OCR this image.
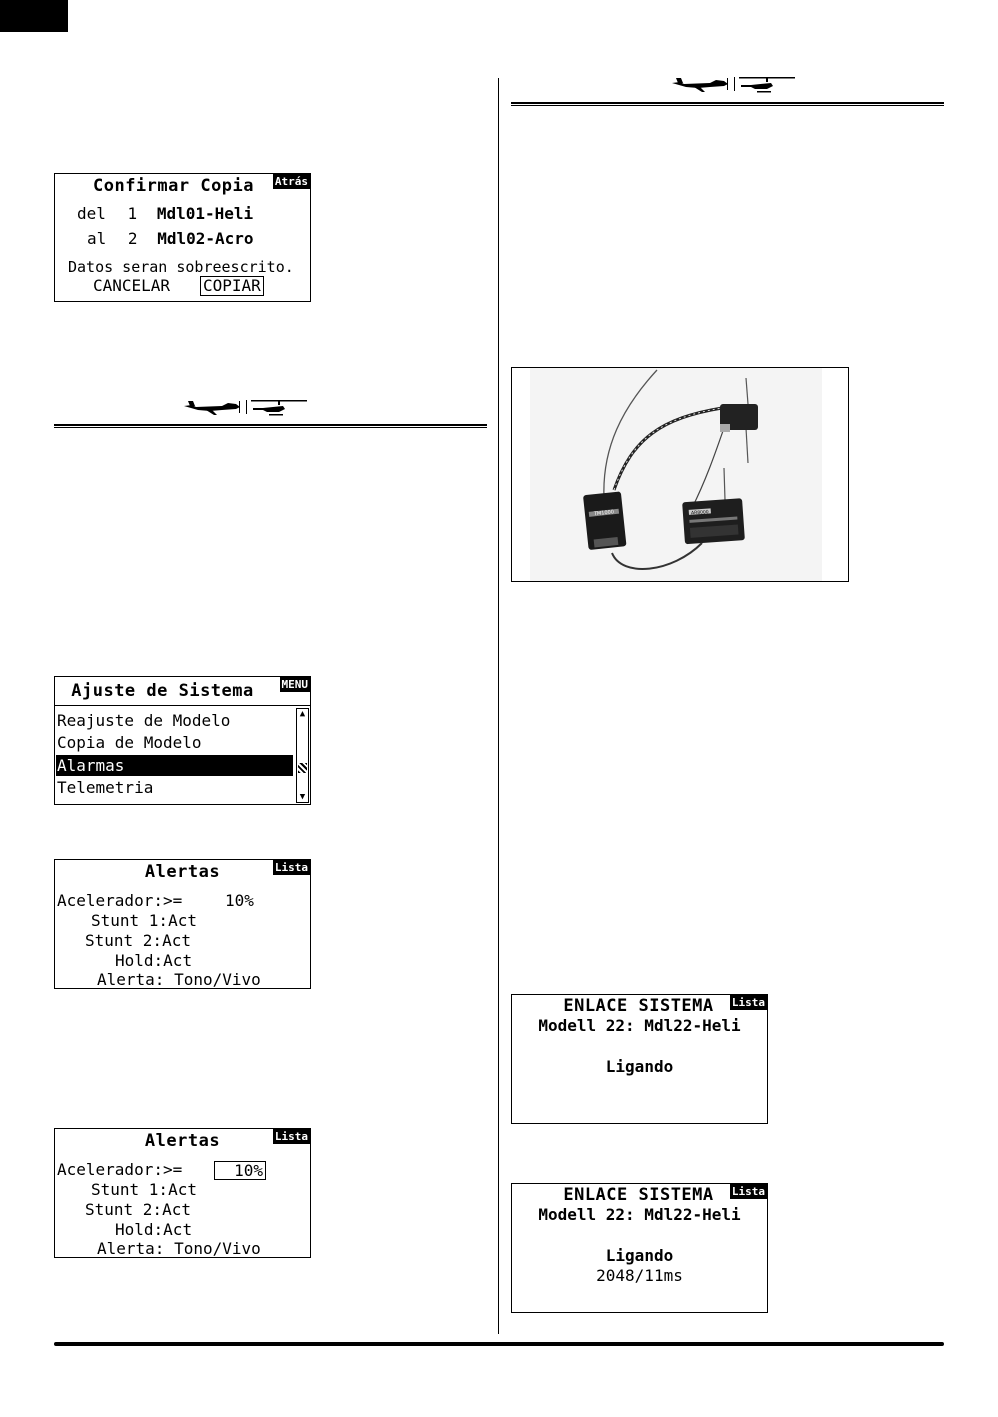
Confirmar Copia	Atrás
del 1 Mdl01-Heli
al 2 Mdl02-Acro
Datos seran sobreescrito.
CANCELAR COPIAR
Ajuste de Sistema	MENU
Reajuste de Modelo
Copia de Modelo
Alarmas
Telemetria
▲
▼
Alertas	Lista
Acelerador:>=	10%
Stunt 1:Act
Stunt 2:Act
Hold:Act
Alerta: Tono/Vivo
Alertas	Lista
Acelerador:>=	10%
Stunt 1:Act
Stunt 2:Act
Hold:Act
Alerta: Tono/Vivo
TM1000	AR8000
ENLACE SISTEMA	Lista
Modell 22: Mdl22-Heli
Ligando
ENLACE SISTEMA	Lista
Modell 22: Mdl22-Heli
Ligando
2048/11ms
